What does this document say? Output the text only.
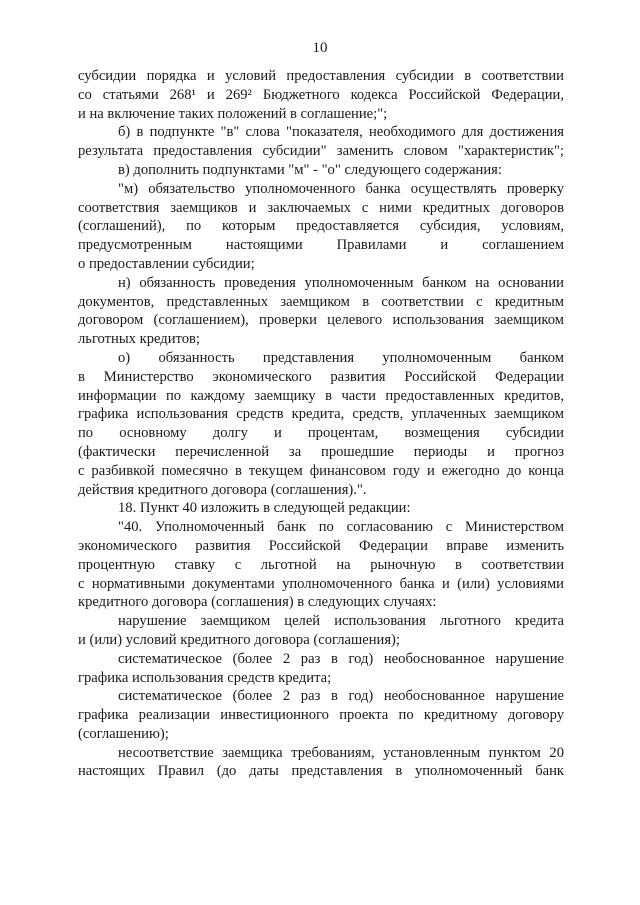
10
субсидии порядка и условий предоставления субсидии в соответствии
со статьями 268¹ и 269² Бюджетного кодекса Российской Федерации,
и на включение таких положений в соглашение;";
б) в подпункте "в" слова "показателя, необходимого для достижения
результата предоставления субсидии" заменить словом "характеристик";
в) дополнить подпунктами "м" - "о" следующего содержания:
"м) обязательство уполномоченного банка осуществлять проверку
соответствия заемщиков и заключаемых с ними кредитных договоров
(соглашений), по которым предоставляется субсидия, условиям,
предусмотренным настоящими Правилами и соглашением
о предоставлении субсидии;
н) обязанность проведения уполномоченным банком на основании
документов, представленных заемщиком в соответствии с кредитным
договором (соглашением), проверки целевого использования заемщиком
льготных кредитов;
о) обязанность представления уполномоченным банком
в Министерство экономического развития Российской Федерации
информации по каждому заемщику в части предоставленных кредитов,
графика использования средств кредита, средств, уплаченных заемщиком
по основному долгу и процентам, возмещения субсидии
(фактически перечисленной за прошедшие периоды и прогноз
с разбивкой помесячно в текущем финансовом году и ежегодно до конца
действия кредитного договора (соглашения).".
18. Пункт 40 изложить в следующей редакции:
"40. Уполномоченный банк по согласованию с Министерством
экономического развития Российской Федерации вправе изменить
процентную ставку с льготной на рыночную в соответствии
с нормативными документами уполномоченного банка и (или) условиями
кредитного договора (соглашения) в следующих случаях:
нарушение заемщиком целей использования льготного кредита
и (или) условий кредитного договора (соглашения);
систематическое (более 2 раз в год) необоснованное нарушение
графика использования средств кредита;
систематическое (более 2 раз в год) необоснованное нарушение
графика реализации инвестиционного проекта по кредитному договору
(соглашению);
несоответствие заемщика требованиям, установленным пунктом 20
настоящих Правил (до даты представления в уполномоченный банк
